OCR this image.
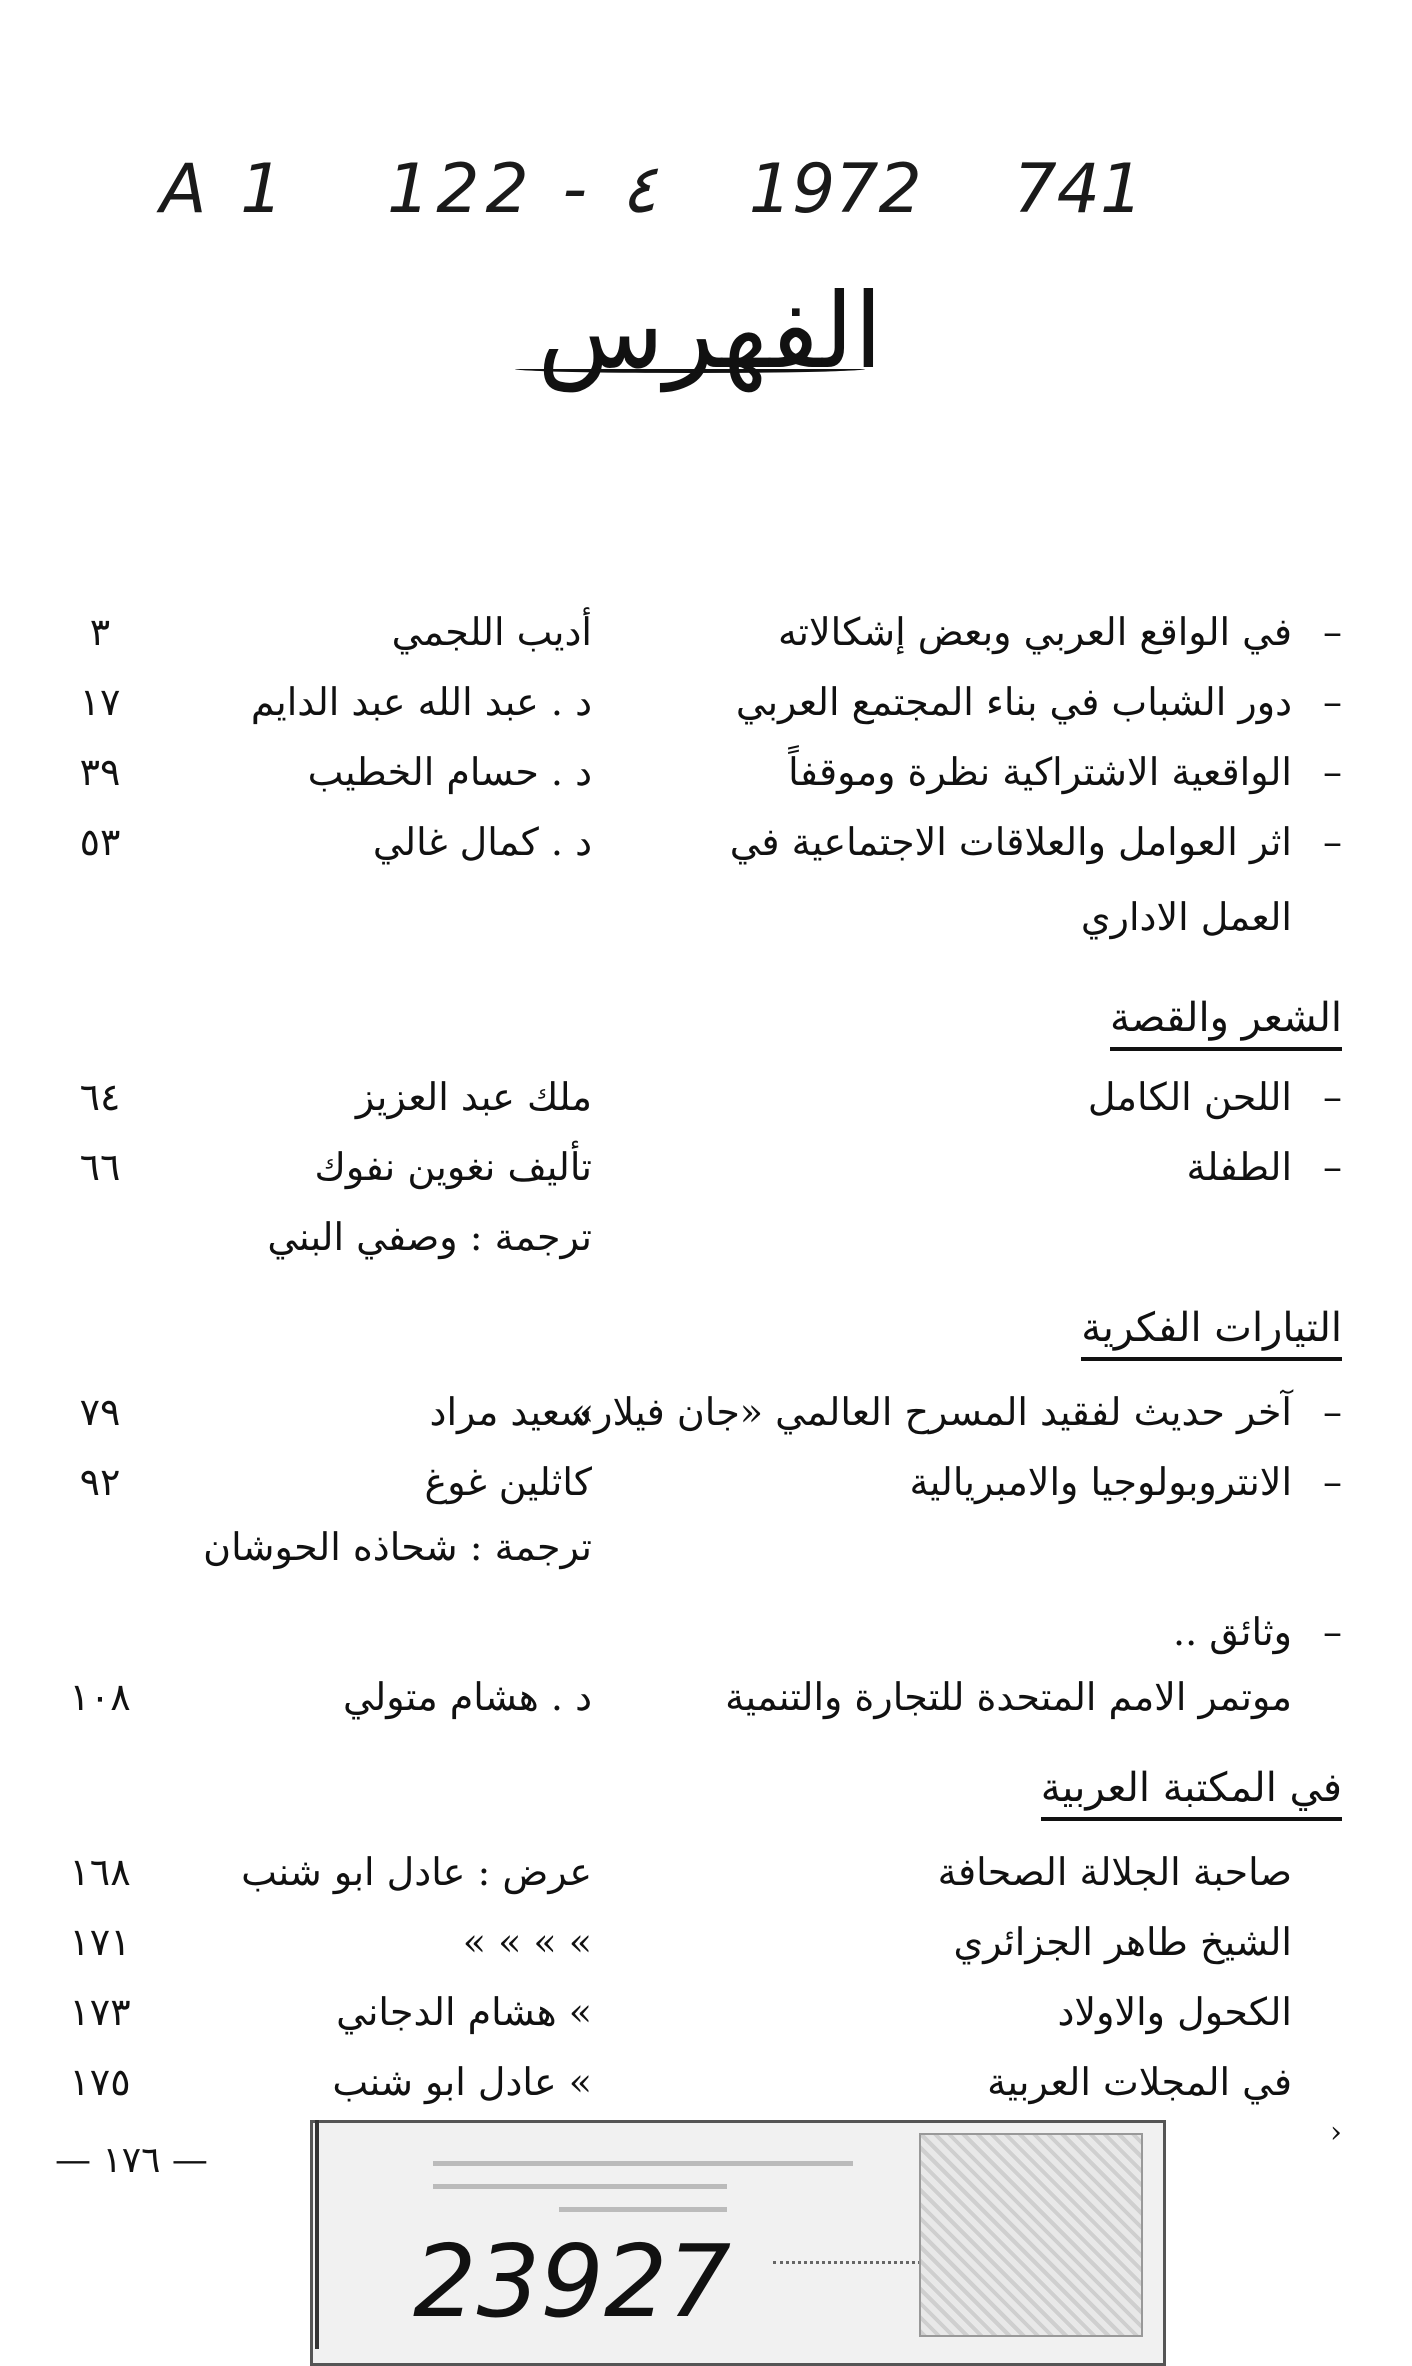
A 1 122 - ٤ 1972 741
الفهرس
–
في الواقع العربي وبعض إشكالاته
أديب اللجمي
٣
–
دور الشباب في بناء المجتمع العربي
د . عبد الله عبد الدايم
١٧
–
الواقعية الاشتراكية نظرة وموقفاً
د . حسام الخطيب
٣٩
–
اثر العوامل والعلاقات الاجتماعية في
د . كمال غالي
٥٣
العمل الاداري
الشعر والقصة
–
اللحن الكامل
ملك عبد العزيز
٦٤
–
الطفلة
تأليف نغوين نفوك
٦٦
ترجمة : وصفي البني
التيارات الفكرية
–
آخر حديث لفقيد المسرح العالمي «جان فيلار»
سعيد مراد
٧٩
–
الانتروبولوجيا والامبريالية
كاثلين غوغ
٩٢
ترجمة : شحاذه الحوشان
–
وثائق ..
موتمر الامم المتحدة للتجارة والتنمية
د . هشام متولي
١٠٨
في المكتبة العربية
صاحبة الجلالة الصحافة
عرض : عادل ابو شنب
١٦٨
الشيخ طاهر الجزائري
» » » »
١٧١
الكحول والاولاد
» هشام الدجاني
١٧٣
في المجلات العربية
» عادل ابو شنب
١٧٥
— ١٧٦ —
›
23927
